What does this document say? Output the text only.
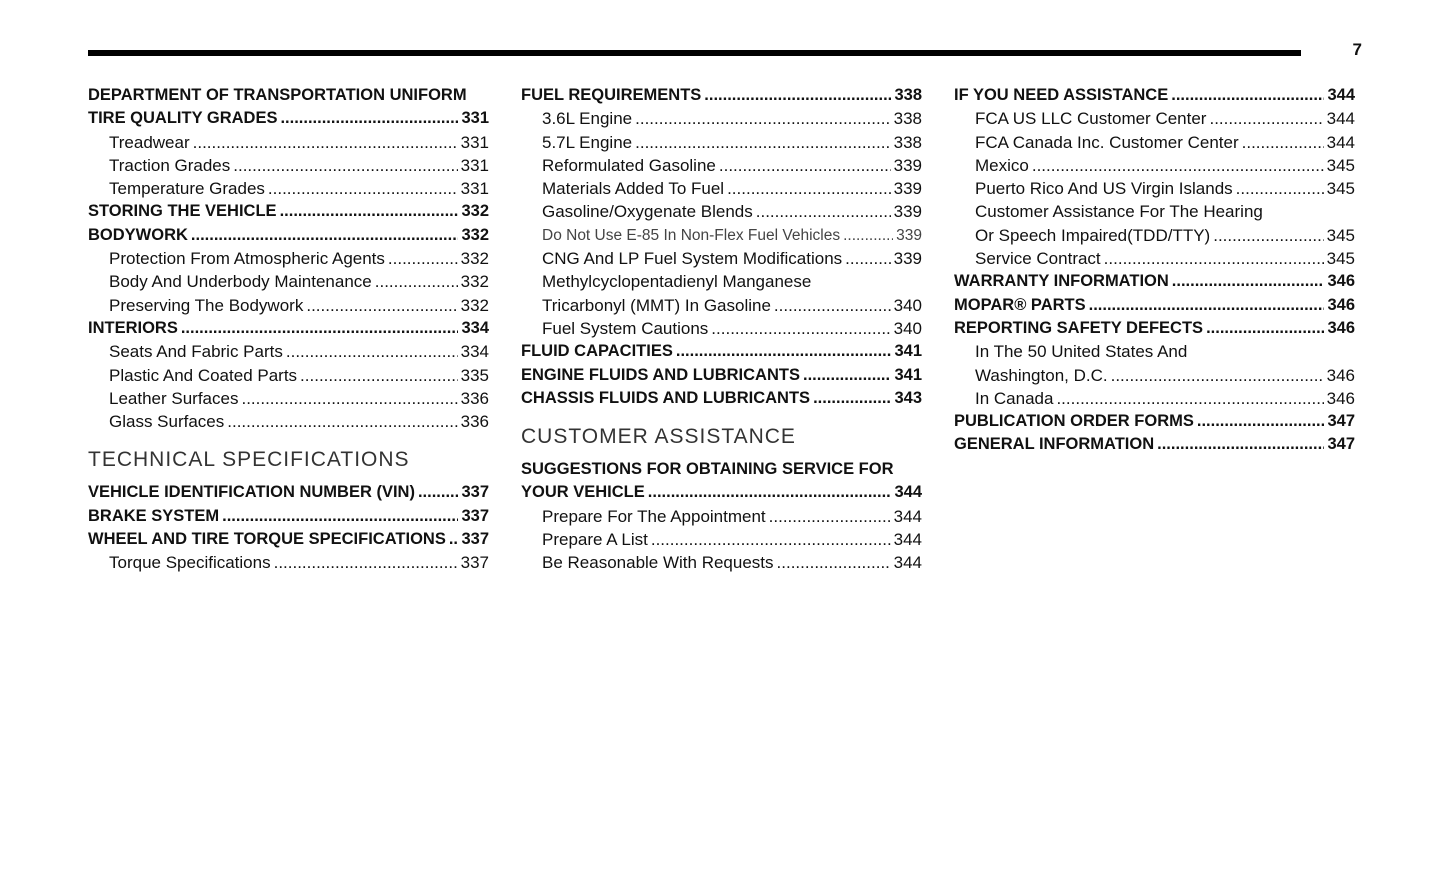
7
DEPARTMENT OF TRANSPORTATION UNIFORM
TIRE QUALITY GRADES .....	331
Treadwear .....	331
Traction Grades .....	331
Temperature Grades .....	331
STORING THE VEHICLE .....	332
BODYWORK .....	332
Protection From Atmospheric Agents .....	332
Body And Underbody Maintenance .....	332
Preserving The Bodywork .....	332
INTERIORS .....	334
Seats And Fabric Parts .....	334
Plastic And Coated Parts .....	335
Leather Surfaces .....	336
Glass Surfaces .....	336
TECHNICAL SPECIFICATIONS
VEHICLE IDENTIFICATION NUMBER (VIN) .....	337
BRAKE SYSTEM .....	337
WHEEL AND TIRE TORQUE SPECIFICATIONS ..... 337
Torque Specifications .....	337
FUEL REQUIREMENTS .....	338
3.6L Engine .....	338
5.7L Engine .....	338
Reformulated Gasoline .....	339
Materials Added To Fuel .....	339
Gasoline/Oxygenate Blends .....	339
Do Not Use E-85 In Non-Flex Fuel Vehicles .....	339
CNG And LP Fuel System Modifications .....	339
Methylcyclopentadienyl Manganese
Tricarbonyl (MMT) In Gasoline .....	340
Fuel System Cautions .....	340
FLUID CAPACITIES .....	341
ENGINE FLUIDS AND LUBRICANTS .....	341
CHASSIS FLUIDS AND LUBRICANTS .....	343
CUSTOMER ASSISTANCE
SUGGESTIONS FOR OBTAINING SERVICE FOR
YOUR VEHICLE .....	344
Prepare For The Appointment .....	344
Prepare A List .....	344
Be Reasonable With Requests .....	344
IF YOU NEED ASSISTANCE .....	344
FCA US LLC Customer Center .....	344
FCA Canada Inc. Customer Center .....	344
Mexico .....	345
Puerto Rico And US Virgin Islands .....	345
Customer Assistance For The Hearing
Or Speech Impaired(TDD/TTY) .....	345
Service Contract .....	345
WARRANTY INFORMATION .....	346
MOPAR® PARTS .....	346
REPORTING SAFETY DEFECTS .....	346
In The 50 United States And
Washington, D.C. .....	346
In Canada .....	346
PUBLICATION ORDER FORMS .....	347
GENERAL INFORMATION .....	347
